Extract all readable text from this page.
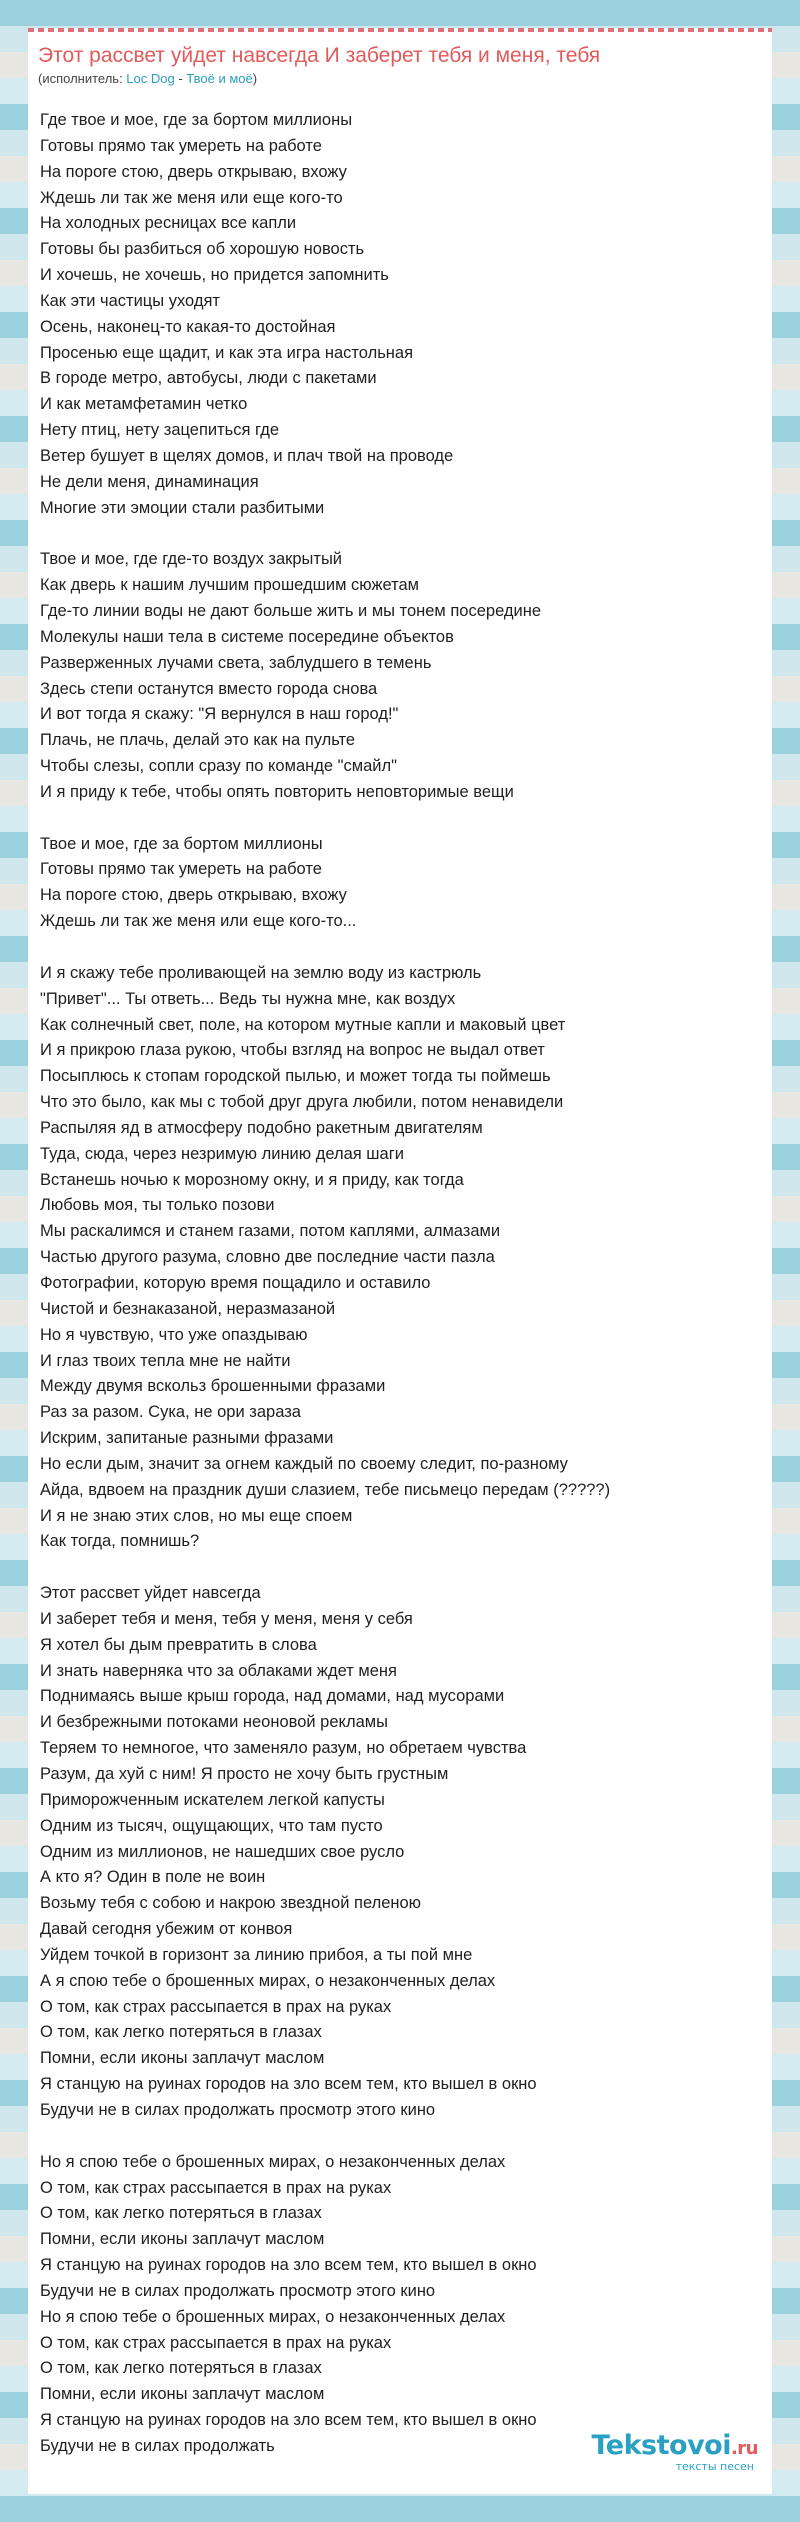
Этот рассвет уйдет навсегда И заберет тебя и меня, тебя
(исполнитель: Loc Dog - Твоё и моё)
Где твое и мое, где за бортом миллионы
Готовы прямо так умереть на работе
На пороге стою, дверь открываю, вхожу
Ждешь ли так же меня или еще кого-то
На холодных ресницах все капли
Готовы бы разбиться об хорошую новость
И хочешь, не хочешь, но придется запомнить
Как эти частицы уходят
Осень, наконец-то какая-то достойная
Просенью еще щадит, и как эта игра настольная
В городе метро, автобусы, люди с пакетами
И как метамфетамин четко
Нету птиц, нету зацепиться где
Ветер бушует в щелях домов, и плач твой на проводе
Не дели меня, динаминация
Многие эти эмоции стали разбитыми
Твое и мое, где где-то воздух закрытый
Как дверь к нашим лучшим прошедшим сюжетам
Где-то линии воды не дают больше жить и мы тонем посередине
Молекулы наши тела в системе посередине объектов
Разверженных лучами света, заблудшего в темень
Здесь степи останутся вместо города снова
И вот тогда я скажу: "Я вернулся в наш город!"
Плачь, не плачь, делай это как на пульте
Чтобы слезы, сопли сразу по команде "смайл"
И я приду к тебе, чтобы опять повторить неповторимые вещи
Твое и мое, где за бортом миллионы
Готовы прямо так умереть на работе
На пороге стою, дверь открываю, вхожу
Ждешь ли так же меня или еще кого-то...
И я скажу тебе проливающей на землю воду из кастрюль
"Привет"... Ты ответь... Ведь ты нужна мне, как воздух
Как солнечный свет, поле, на котором мутные капли и маковый цвет
И я прикрою глаза рукою, чтобы взгляд на вопрос не выдал ответ
Посыплюсь к стопам городской пылью, и может тогда ты поймешь
Что это было, как мы с тобой друг друга любили, потом ненавидели
Распыляя яд в атмосферу подобно ракетным двигателям
Туда, сюда, через незримую линию делая шаги
Встанешь ночью к морозному окну, и я приду, как тогда
Любовь моя, ты только позови
Мы раскалимся и станем газами, потом каплями, алмазами
Частью другого разума, словно две последние части пазла
Фотографии, которую время пощадило и оставило
Чистой и безнаказаной, неразмазаной
Но я чувствую, что уже опаздываю
И глаз твоих тепла мне не найти
Между двумя вскольз брошенными фразами
Раз за разом. Сука, не ори зараза
Искрим, запитаные разными фразами
Но если дым, значит за огнем каждый по своему следит, по-разному
Айда, вдвоем на праздник души слазием, тебе письмецо передам (?????)
И я не знаю этих слов, но мы еще споем
Как тогда, помнишь?
Этот рассвет уйдет навсегда
И заберет тебя и меня, тебя у меня, меня у себя
Я хотел бы дым превратить в слова
И знать наверняка что за облаками ждет меня
Поднимаясь выше крыш города, над домами, над мусорами
И безбрежными потоками неоновой рекламы
Теряем то немногое, что заменяло разум, но обретаем чувства
Разум, да хуй с ним! Я просто не хочу быть грустным
Приморожченным искателем легкой капусты
Одним из тысяч, ощущающих, что там пусто
Одним из миллионов, не нашедших свое русло
А кто я? Один в поле не воин
Возьму тебя с собою и накрою звездной пеленою
Давай сегодня убежим от конвоя
Уйдем точкой в горизонт за линию прибоя, а ты пой мне
А я спою тебе о брошенных мирах, о незаконченных делах
О том, как страх рассыпается в прах на руках
О том, как легко потеряться в глазах
Помни, если иконы заплачут маслом
Я станцую на руинах городов на зло всем тем, кто вышел в окно
Будучи не в силах продолжать просмотр этого кино
Но я спою тебе о брошенных мирах, о незаконченных делах
О том, как страх рассыпается в прах на руках
О том, как легко потеряться в глазах
Помни, если иконы заплачут маслом
Я станцую на руинах городов на зло всем тем, кто вышел в окно
Будучи не в силах продолжать просмотр этого кино
Но я спою тебе о брошенных мирах, о незаконченных делах
О том, как страх рассыпается в прах на руках
О том, как легко потеряться в глазах
Помни, если иконы заплачут маслом
Я станцую на руинах городов на зло всем тем, кто вышел в окно
Будучи не в силах продолжать	Tekstovoi.ru
тексты песен
